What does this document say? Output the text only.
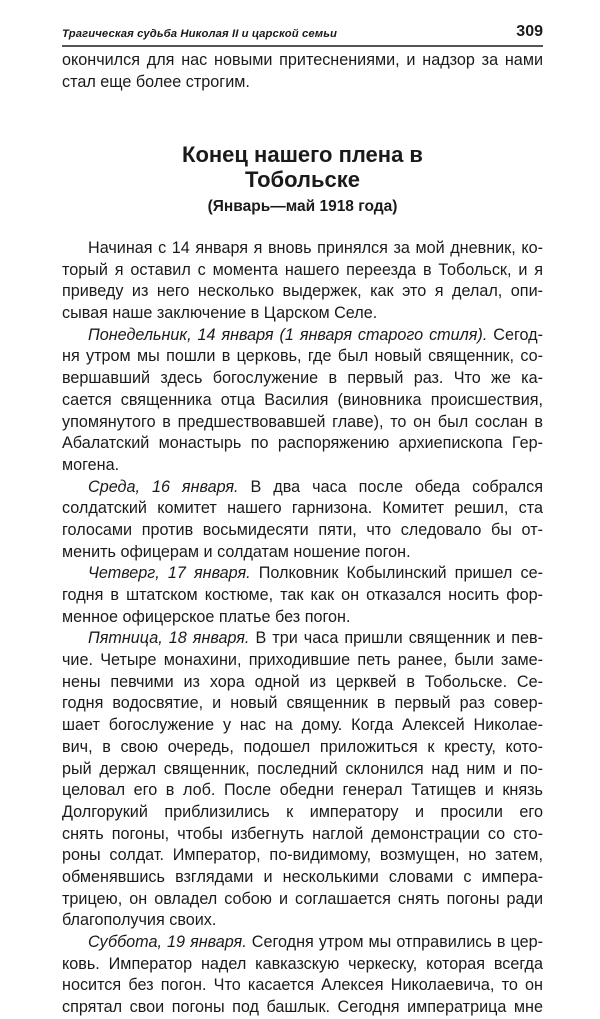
Трагическая судьба Николая II и царской семьи	309
окончился для нас новыми притеснениями, и надзор за нами
стал еще более строгим.
Конец нашего плена в
Тобольске
(Январь—май 1918 года)
Начиная с 14 января я вновь принялся за мой дневник, ко-
торый я оставил с момента нашего переезда в Тобольск, и я
приведу из него несколько выдержек, как это я делал, опи-
сывая наше заключение в Царском Селе.
Понедельник, 14 января (1 января старого стиля). Сегод-
ня утром мы пошли в церковь, где был новый священник, со-
вершавший здесь богослужение в первый раз. Что же ка-
сается священника отца Василия (виновника происшествия,
упомянутого в предшествовавшей главе), то он был сослан в
Абалатский монастырь по распоряжению архиепископа Гер-
могена.
Среда, 16 января. В два часа после обеда собрался
солдатский комитет нашего гарнизона. Комитет решил, ста
голосами против восьмидесяти пяти, что следовало бы от-
менить офицерам и солдатам ношение погон.
Четверг, 17 января. Полковник Кобылинский пришел се-
годня в штатском костюме, так как он отказался носить фор-
менное офицерское платье без погон.
Пятница, 18 января. В три часа пришли священник и пев-
чие. Четыре монахини, приходившие петь ранее, были заме-
нены певчими из хора одной из церквей в Тобольске. Се-
годня водосвятие, и новый священник в первый раз совер-
шает богослужение у нас на дому. Когда Алексей Николае-
вич, в свою очередь, подошел приложиться к кресту, кото-
рый держал священник, последний склонился над ним и по-
целовал его в лоб. После обедни генерал Татищев и князь
Долгорукий приблизились к императору и просили его
снять погоны, чтобы избегнуть наглой демонстрации со сто-
роны солдат. Император, по-видимому, возмущен, но затем,
обменявшись взглядами и несколькими словами с импера-
трицею, он овладел собою и соглашается снять погоны ради
благополучия своих.
Суббота, 19 января. Сегодня утром мы отправились в цер-
ковь. Император надел кавказскую черкеску, которая всегда
носится без погон. Что касается Алексея Николаевича, то он
спрятал свои погоны под башлык. Сегодня императрица мне
